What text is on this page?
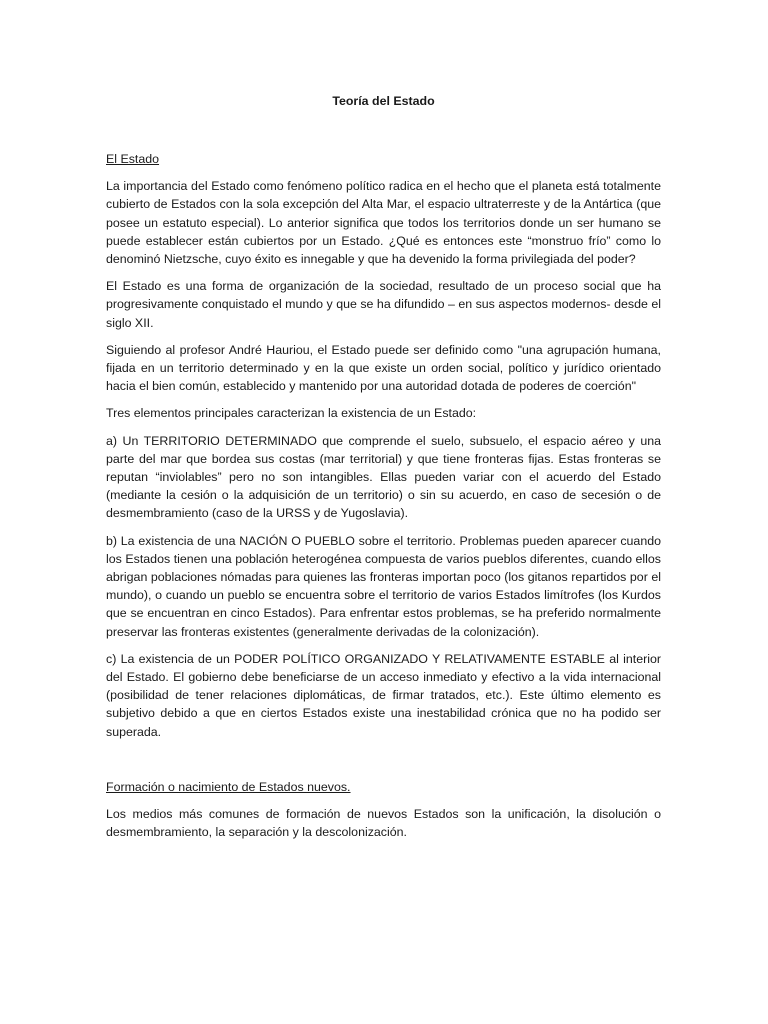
Teoría del Estado

El Estado

La importancia del Estado como fenómeno político radica en el hecho que el planeta está totalmente cubierto de Estados con la sola excepción del Alta Mar, el espacio ultraterreste y de la Antártica (que posee un estatuto especial). Lo anterior significa que todos los territorios donde un ser humano se puede establecer están cubiertos por un Estado. ¿Qué es entonces este “monstruo frío” como lo denominó Nietzsche, cuyo éxito es innegable y que ha devenido la forma privilegiada del poder?

El Estado es una forma de organización de la sociedad, resultado de un proceso social que ha progresivamente conquistado el mundo y que se ha difundido – en sus aspectos modernos- desde el siglo XII.

Siguiendo al profesor André Hauriou, el Estado puede ser definido como "una agrupación humana, fijada en un territorio determinado y en la que existe un orden social, político y jurídico orientado hacia el bien común, establecido y mantenido por una autoridad dotada de poderes de coerción"

Tres elementos principales caracterizan la existencia de un Estado:

a) Un TERRITORIO DETERMINADO que comprende el suelo, subsuelo, el espacio aéreo y una parte del mar que bordea sus costas (mar territorial) y que tiene fronteras fijas. Estas fronteras se reputan “inviolables” pero no son intangibles. Ellas pueden variar con el acuerdo del Estado (mediante la cesión o la adquisición de un territorio) o sin su acuerdo, en caso de secesión o de desmembramiento (caso de la URSS y de Yugoslavia).

b) La existencia de una NACIÓN O PUEBLO sobre el territorio. Problemas pueden aparecer cuando los Estados tienen una población heterogénea compuesta de varios pueblos diferentes, cuando ellos abrigan poblaciones nómadas para quienes las fronteras importan poco (los gitanos repartidos por el mundo), o cuando un pueblo se encuentra sobre el territorio de varios Estados limítrofes (los Kurdos que se encuentran en cinco Estados). Para enfrentar estos problemas, se ha preferido normalmente preservar las fronteras existentes (generalmente derivadas de la colonización).

c) La existencia de un PODER POLÍTICO ORGANIZADO Y RELATIVAMENTE ESTABLE al interior del Estado. El gobierno debe beneficiarse de un acceso inmediato y efectivo a la vida internacional (posibilidad de tener relaciones diplomáticas, de firmar tratados, etc.). Este último elemento es subjetivo debido a que en ciertos Estados existe una inestabilidad crónica que no ha podido ser superada.

Formación o nacimiento de Estados nuevos.

Los medios más comunes de formación de nuevos Estados son la unificación, la disolución o desmembramiento, la separación y la descolonización.
